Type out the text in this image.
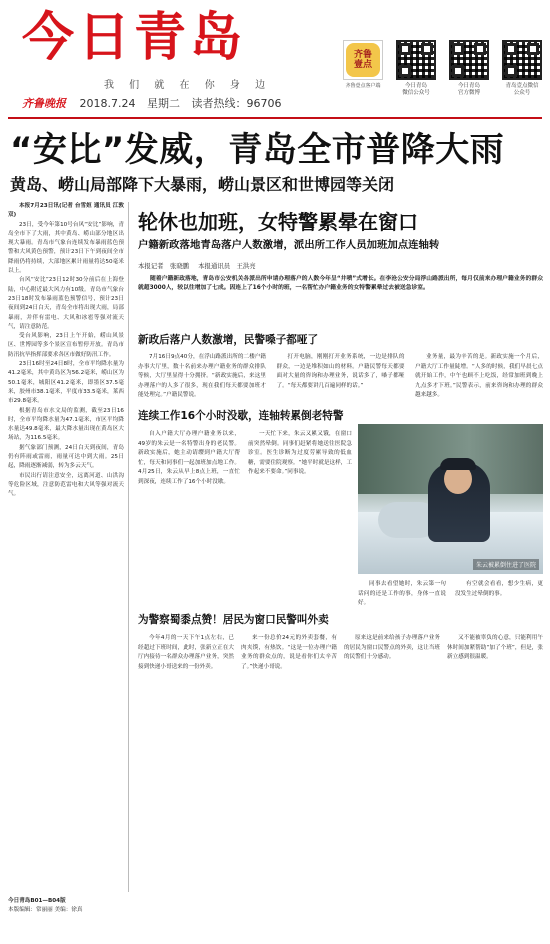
今日青岛
我 们 就 在 你 身 边
齐鲁晚报 2018.7.24 星期二 读者热线：96706
齐鲁
壹点
齐鲁壹点客户端	今日青岛
微信公众号
今日青岛
官方微博
青岛壹点微信
公众号
“安比”发威，青岛全市普降大雨
黄岛、崂山局部降下大暴雨，崂山景区和世博园等关闭

本报7月23日讯(记者 台雪姮 通讯员 江敦双)

23日，受今年第10号台风“安比”影响，青岛全市下了大雨，其中黄岛、崂山部分地区出现大暴雨。青岛市气象台连续发布暴雨蓝色预警和大风黄色预警，预计23日下午到夜间全市降雨仍将持续，大部地区累计雨量将达50毫米以上。

台风“安比”23日12时30分前后在上海登陆，中心附近最大风力有10级。青岛市气象台23日18时发布暴雨蓝色预警信号，预计23日夜间到24日白天，青岛全市将出现大雨，局部暴雨，并伴有雷电、大风和冰雹等强对流天气，请注意防范。

受台风影响，23日上午开始，崂山风景区、世博园等多个景区宣布暂停开放。青岛市防汛抗旱指挥部要求各区市做好防汛工作。

23日16时至24日8时，全市平均降水量为41.2毫米，其中黄岛区为56.2毫米，崂山区为50.1毫米，城阳区41.2毫米，即墨区37.5毫米，胶州市38.1毫米，平度市33.5毫米，莱西市29.8毫米。

根据青岛市水文局的监测，截至23日16时，全市平均降水量为47.1毫米，市区平均降水量达49.8毫米，最大降水量出现在黄岛区大场站，为116.5毫米。

据气象部门预测，24日白天到夜间，青岛仍有阵雨或雷雨，雨量可达中到大雨。25日起，降雨逐渐减弱，转为多云天气。

市民出行请注意安全，远离河道、山洪沟等危险区域，注意防范雷电和大风等强对流天气。

今日青岛B01—B04版
本版编辑：常丽丽 美编：徐真
轮休也加班，女特警累晕在窗口
户籍新政落地青岛落户人数激增，派出所工作人员加班加点连轴转
本报记者　张晓鹏 本报通讯员　王洪亮
随着户籍新政落地，青岛市公安机关各派出所申请办理落户的人数今年呈“井喷”式增长。在李沧公安分局浮山路派出所，每月仅前来办理户籍业务的群众就超3000人，较以往增加了七成。因连上了16个小时的班，一名帮忙办户籍业务的女特警累晕过去被送急诊室。
新政后落户人数激增，民警嗓子都哑了

7月16日9点40分，在浮山路派出所的二楼户籍办事大厅里，数十名前来办理户籍业务的群众排队等候，大厅里显得十分拥挤。“新政实施后，来这里办理落户的人多了很多，现在我们每天都要加班才能处理完。”户籍民警说。

打开电脑，刚刚打开业务系统，一边是排队的群众，一边是堆积如山的材料。户籍民警每天都要面对大量的咨询和办理业务，说话多了，嗓子都哑了。“每天都要讲几百遍同样的话。”

业务量，最为辛苦的是。新政实施一个月后，户籍大厅工作量陡增。“人多的时候，我们早晨七点就开始工作，中午也顾不上吃饭，经常加班到晚上九点多才下班。”民警表示，前来咨询和办理的群众越来越多。

连续工作16个小时没歇，连轴转累倒老特警

自入户籍大厅办理户籍业务以来，49岁的朱云是一名特警出身的老民警。新政实施后，她主动请缨到户籍大厅帮忙，每天和同事们一起加班加点地工作。4月25日，朱云从早上8点上班，一直忙到深夜，连续工作了16个小时没歇。

一天忙下来，朱云又累又饿，在窗口前突然晕倒。同事们赶紧将她送往医院急诊室。医生诊断为过度劳累导致的低血糖，需要住院观察。“她平时就是这样，工作起来不要命。”同事说。

朱云被累倒住进了医院

同事去看望她时，朱云第一句话问的还是工作的事，身体一直说好。

有空就会看看，想少生病，更没发生过晕倒的事。

为警察蜀黍点赞！居民为窗口民警叫外卖

今年4月的一天下午1点左右，已经超过下班时间，此时，张新立正在大厅内接待一名群众办理落户业务，突然接到快递小哥送来的一份外卖。

来一份总价24元的外卖套餐，有肉夹馍，有热饮。“这是一位办理户籍业务的群众点的，说是看你们太辛苦了。”快递小哥说。

原来这是前来给孩子办理落户业务的居民为窗口民警点的外卖，这让当班的民警们十分感动。

又不能被辜负的心意，只能利用午休时间加紧帮助“加了个班”，但是，张新立感到很温暖。
